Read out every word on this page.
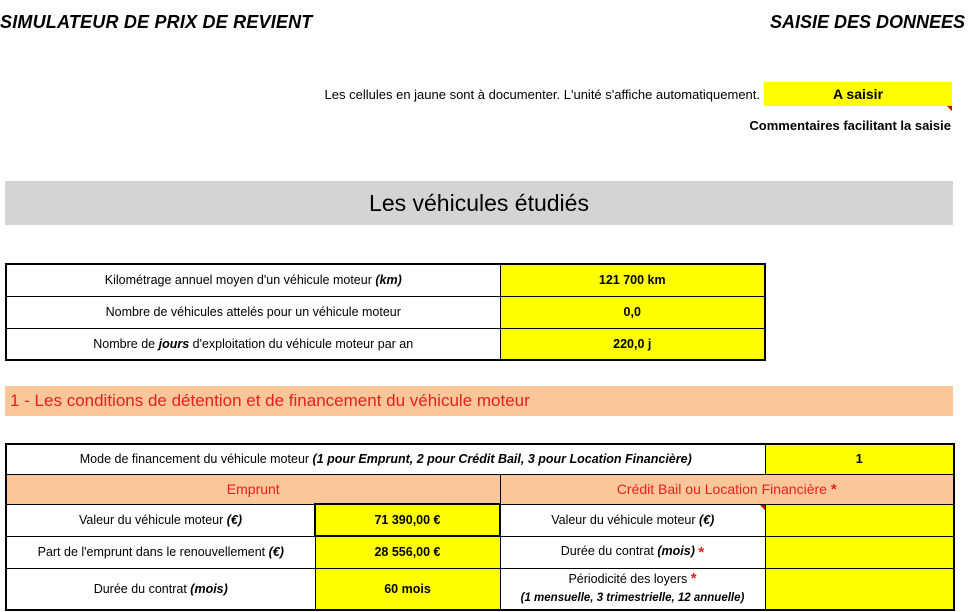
SIMULATEUR DE PRIX DE REVIENT	SAISIE DES DONNEES
Les cellules en jaune sont à documenter. L'unité s'affiche automatiquement.	A saisir
Commentaires facilitant la saisie
Les véhicules étudiés
Kilométrage annuel moyen d'un véhicule moteur (km)	121 700 km
Nombre de véhicules attelés pour un véhicule moteur	0,0
Nombre de jours d'exploitation du véhicule moteur par an	220,0 j
1 - Les conditions de détention et de financement du véhicule moteur
Mode de financement du véhicule moteur (1 pour Emprunt, 2 pour Crédit Bail, 3 pour Location Financière)			1
Emprunt		Crédit Bail ou Location Financière *	
Valeur du véhicule moteur (€)	71 390,00 €	Valeur du véhicule moteur (€)

Part de l'emprunt dans le renouvellement (€)	28 556,00 €	Durée du contrat (mois) *	
Durée du contrat (mois)	60 mois	Périodicité des loyers *
(1 mensuelle, 3 trimestrielle, 12 annuelle)	
